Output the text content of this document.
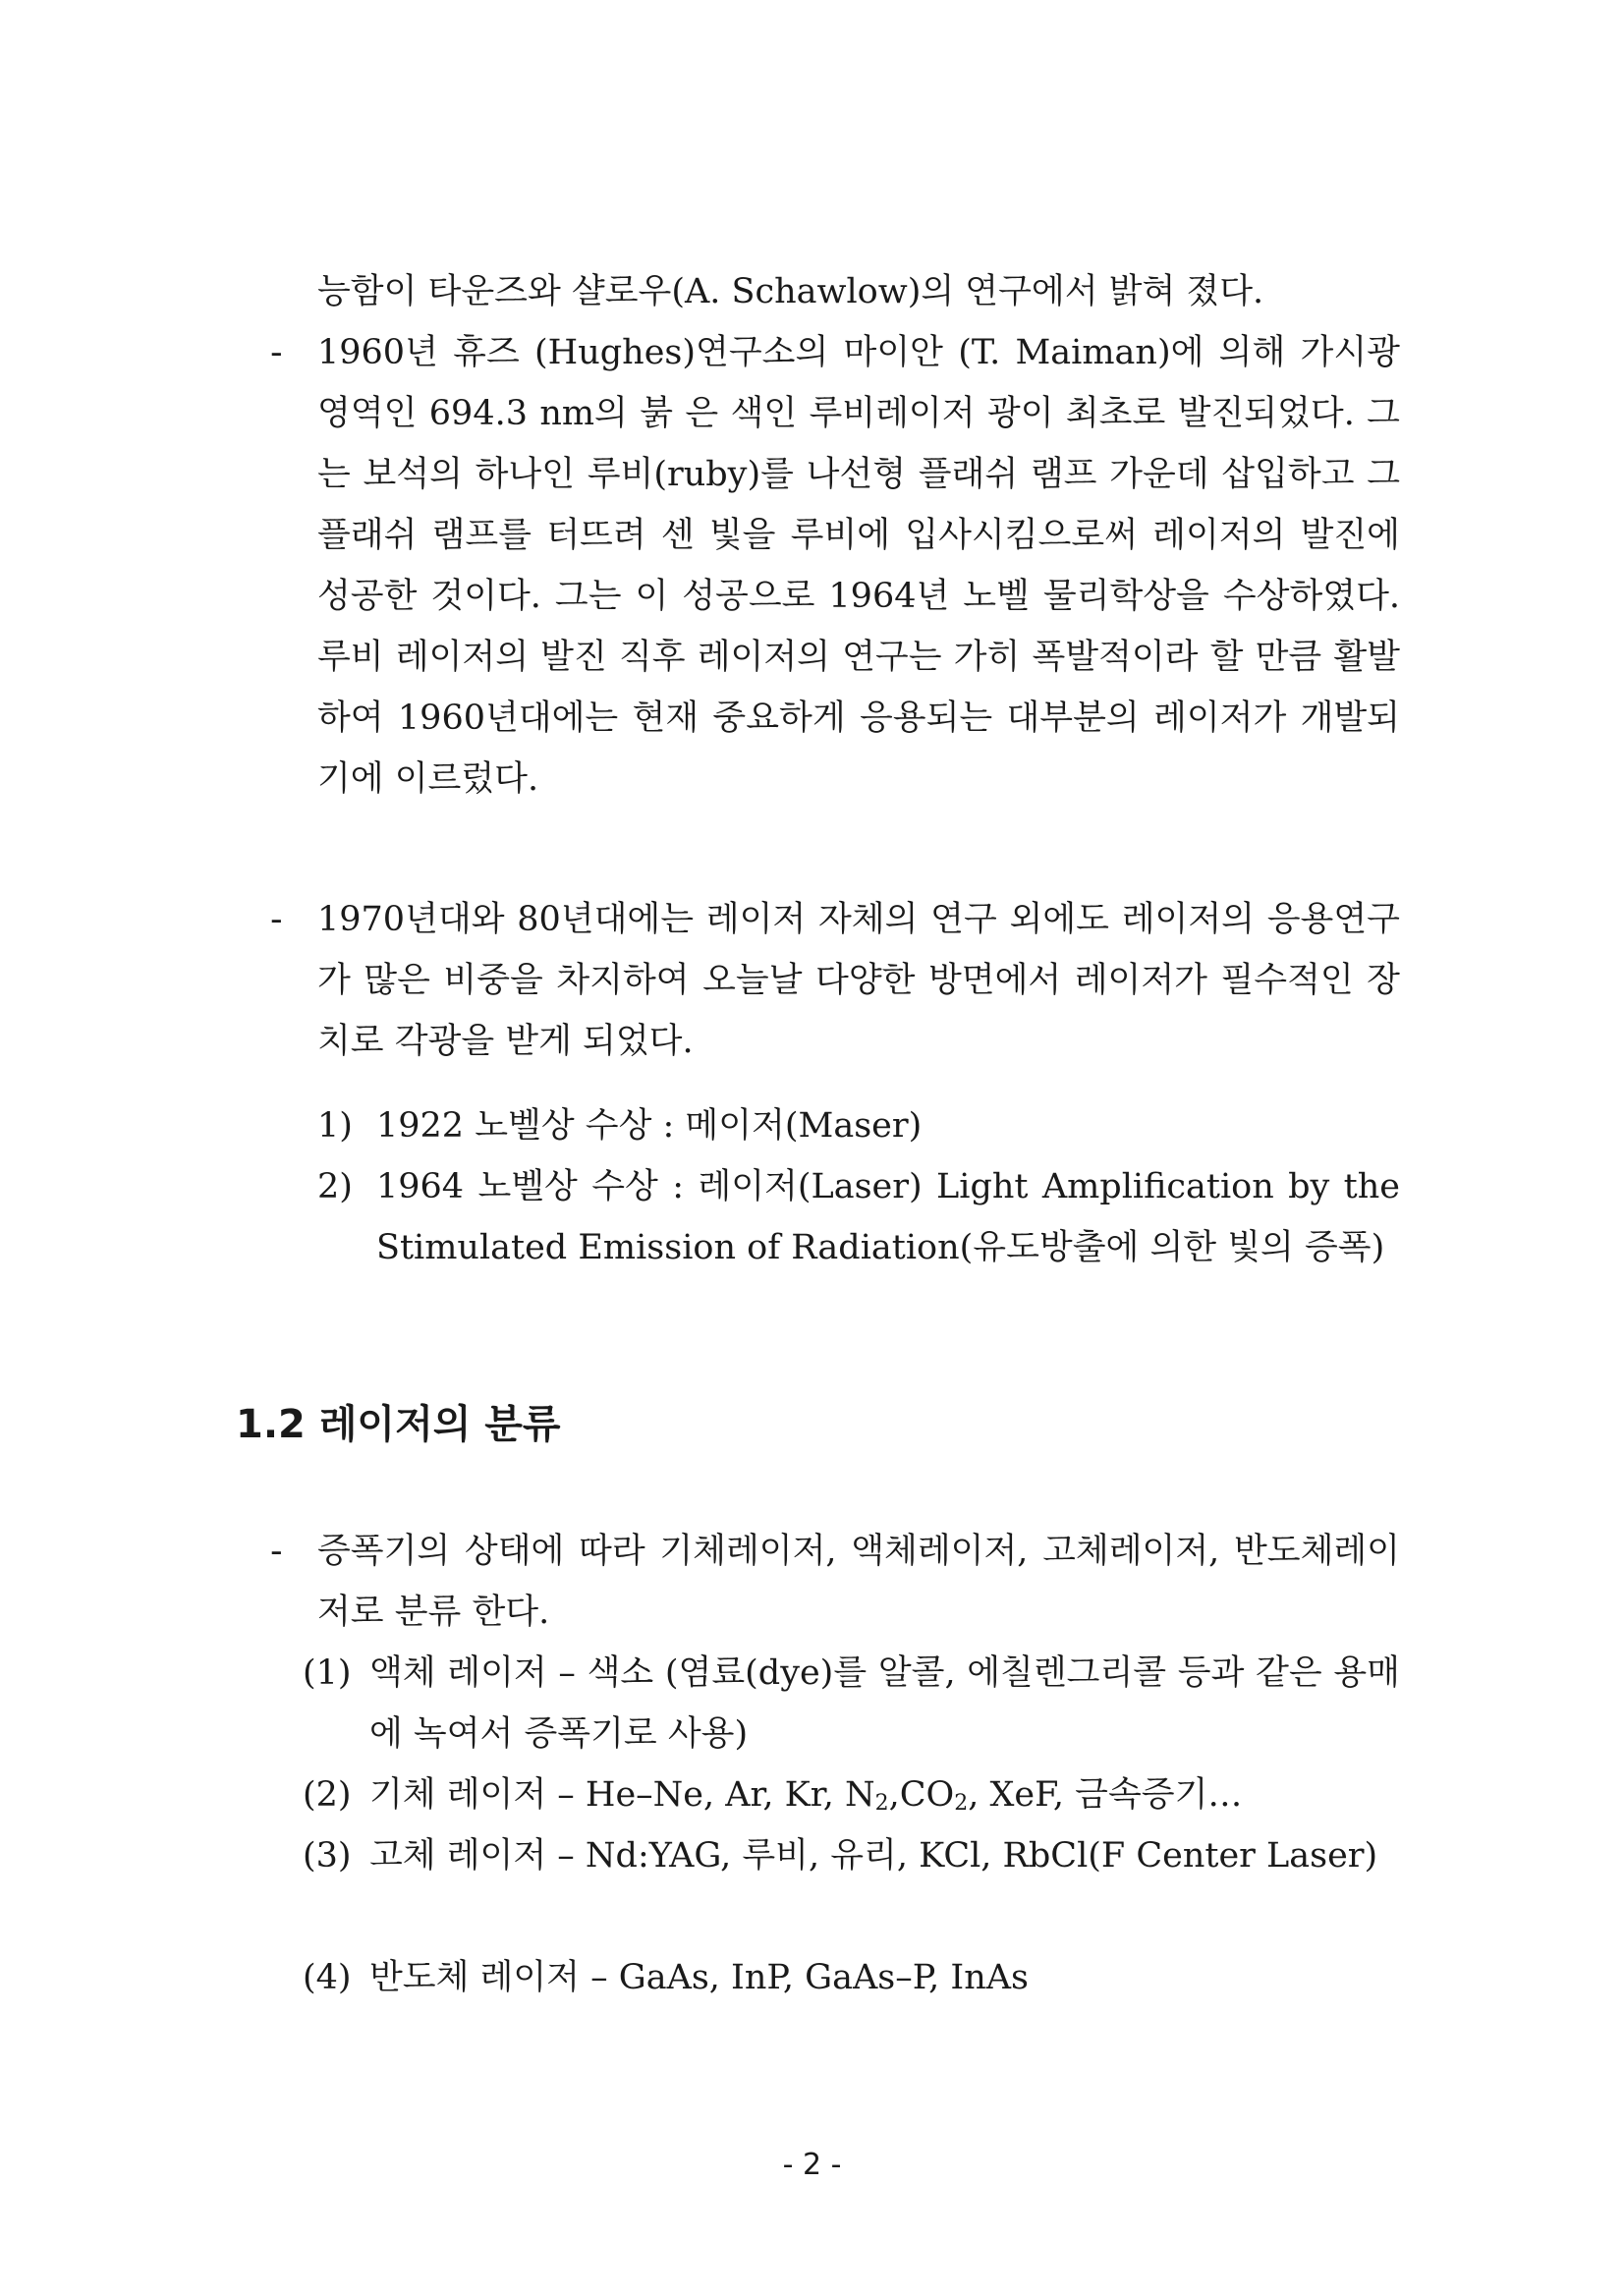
능함이 타운즈와 샬로우(A. Schawlow)의 연구에서 밝혀 졌다.
- 1960년 휴즈 (Hughes)연구소의 마이안 (T. Maiman)에 의해 가시광 영역인 694.3 nm의 붉 은 색인 루비레이저 광이 최초로 발진되었다. 그는 보석의 하나인 루비(ruby)를 나선형 플래쉬 램프 가운데 삽입하고 그 플래쉬 램프를 터뜨려 센 빛을 루비에 입사시킴으로써 레이저의 발진에 성공한 것이다. 그는 이 성공으로 1964년 노벨 물리학상을 수상하였다. 루비 레이저의 발진 직후 레이저의 연구는 가히 폭발적이라 할 만큼 활발하여 1960년대에는 현재 중요하게 응용되는 대부분의 레이저가 개발되기에 이르렀다.
- 1970년대와 80년대에는 레이저 자체의 연구 외에도 레이저의 응용연구가 많은 비중을 차지하여 오늘날 다양한 방면에서 레이저가 필수적인 장치로 각광을 받게 되었다.
1) 1922 노벨상 수상 : 메이저(Maser)
2) 1964 노벨상 수상 : 레이저(Laser) Light Amplification by the Stimulated Emission of Radiation(유도방출에 의한 빛의 증폭)
1.2 레이저의 분류
- 증폭기의 상태에 따라 기체레이저, 액체레이저, 고체레이저, 반도체레이저로 분류 한다.
(1) 액체 레이저 – 색소 (염료(dye)를 알콜, 에칠렌그리콜 등과 같은 용매에 녹여서 증폭기로 사용)
(2) 기체 레이저 – He–Ne, Ar, Kr, N2,CO2, XeF, 금속증기…
(3) 고체 레이저 – Nd:YAG, 루비, 유리, KCl, RbCl(F Center Laser)
(4) 반도체 레이저 – GaAs, InP, GaAs–P, InAs
- 2 -
